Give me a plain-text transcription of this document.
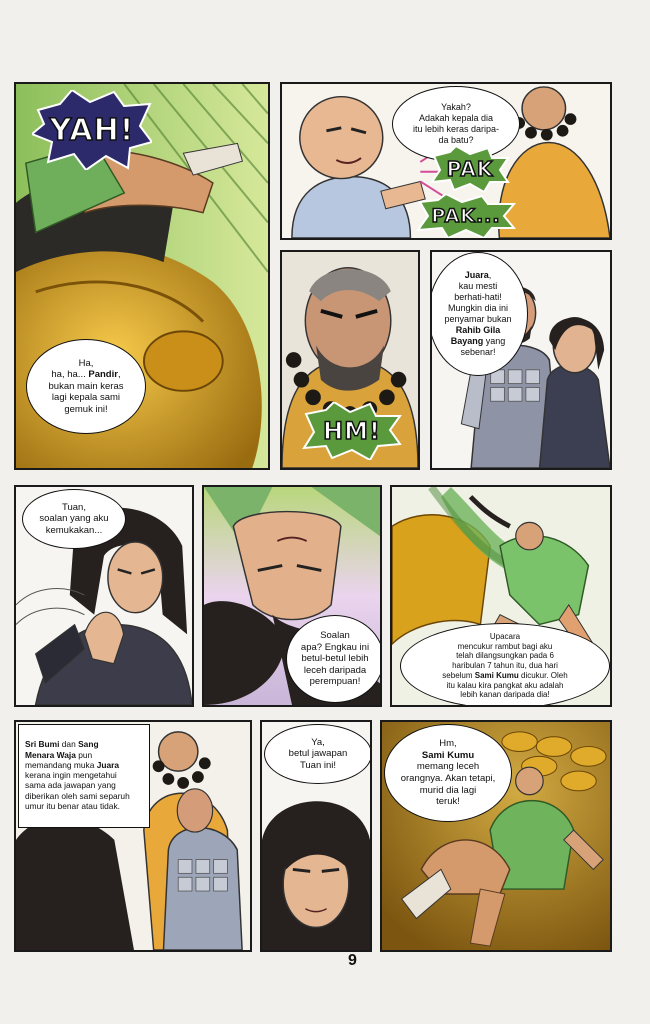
YAH!
Ha,
ha, ha... Pandir,
bukan main keras
lagi kepala sami
gemuk ini!
Yakah?
Adakah kepala dia
itu lebih keras daripa-
da batu?
PAK
PAK...
HM!
Juara,
kau mesti
berhati-hati!
Mungkin dia ini
penyamar bukan
Rahib Gila
Bayang yang
sebenar!
Tuan,
soalan yang aku
kemukakan...
Soalan
apa? Engkau ini
betul-betul lebih
leceh daripada
perempuan!
Upacara
mencukur rambut bagi aku
telah dilangsungkan pada 6
haribulan 7 tahun itu, dua hari
sebelum Sami Kumu dicukur. Oleh
itu kalau kira pangkat aku adalah
lebih kanan daripada dia!

Sri Bumi dan Sang
Menara Waja pun
memandang muka Juara
kerana ingin mengetahui
sama ada jawapan yang
diberikan oleh sami separuh
umur itu benar atau tidak.

Ya,
betul jawapan
Tuan ini!
Hm,
Sami Kumu
memang leceh
orangnya. Akan tetapi,
murid dia lagi
teruk!
9
